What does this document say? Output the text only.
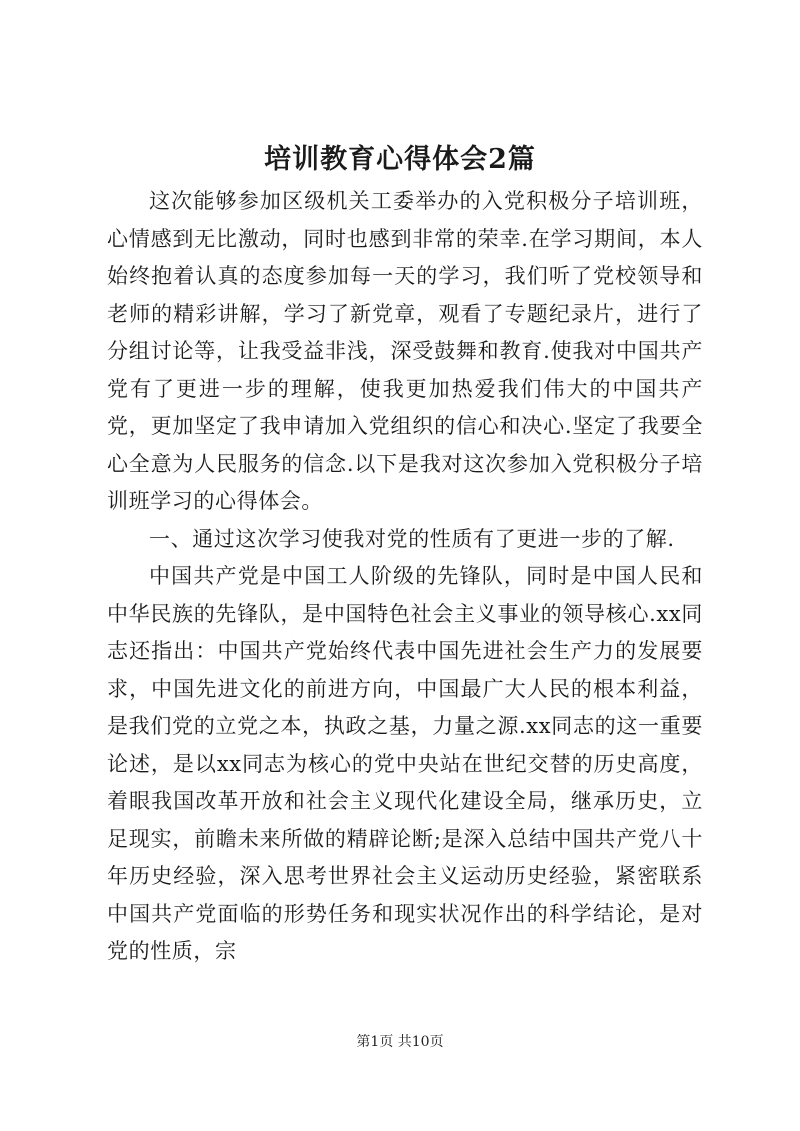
培训教育心得体会2篇

这次能够参加区级机关工委举办的入党积极分子培训班，心情感到无比激动，同时也感到非常的荣幸.在学习期间，本人始终抱着认真的态度参加每一天的学习，我们听了党校领导和老师的精彩讲解，学习了新党章，观看了专题纪录片，进行了分组讨论等，让我受益非浅，深受鼓舞和教育.使我对中国共产党有了更进一步的理解，使我更加热爱我们伟大的中国共产党，更加坚定了我申请加入党组织的信心和决心.坚定了我要全心全意为人民服务的信念.以下是我对这次参加入党积极分子培训班学习的心得体会。

一、通过这次学习使我对党的性质有了更进一步的了解.

中国共产党是中国工人阶级的先锋队，同时是中国人民和中华民族的先锋队，是中国特色社会主义事业的领导核心.xx同志还指出：中国共产党始终代表中国先进社会生产力的发展要求，中国先进文化的前进方向，中国最广大人民的根本利益，是我们党的立党之本，执政之基，力量之源.xx同志的这一重要论述，是以xx同志为核心的党中央站在世纪交替的历史高度，着眼我国改革开放和社会主义现代化建设全局，继承历史，立足现实，前瞻未来所做的精辟论断;是深入总结中国共产党八十年历史经验，深入思考世界社会主义运动历史经验，紧密联系中国共产党面临的形势任务和现实状况作出的科学结论，是对党的性质，宗

第1页 共10页
